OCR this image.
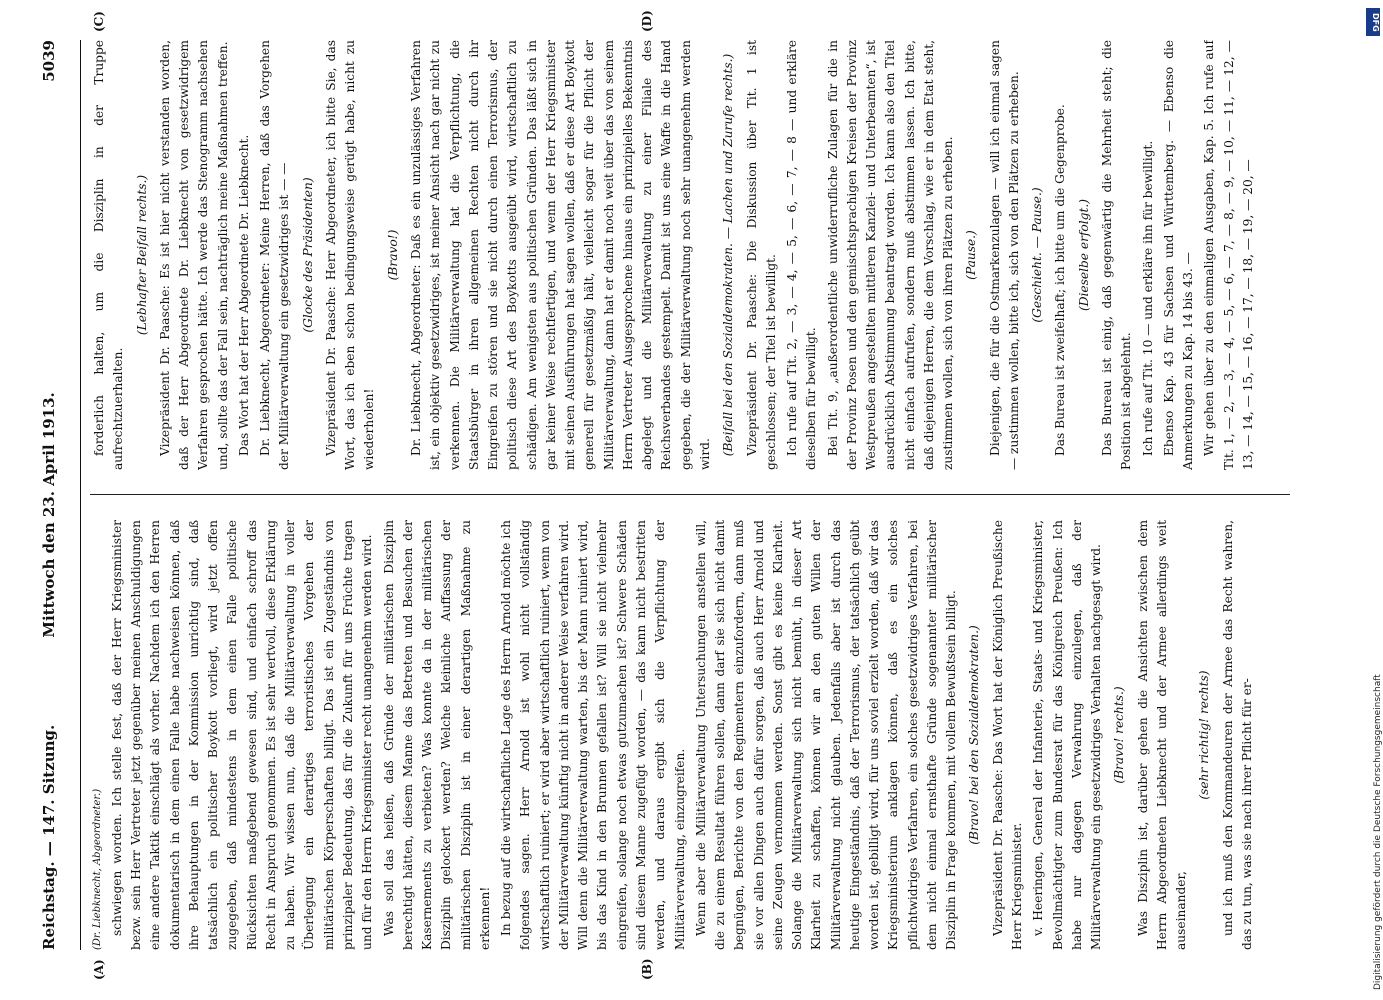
Reichstag. — 147. Sitzung.
Mittwoch den 23. April 1913.  5039
(A)	(B)
(C)	(D)

(Dr. Liebknecht, Abgeordneter.) schwiegen worden. Ich stelle fest, daß der Herr Kriegsminister bezw. sein Herr Vertreter jetzt gegenüber meinen Anschuldigungen eine andere Taktik einschlägt als vorher. Nachdem ich den Herren dokumentarisch in dem einen Falle habe nachweisen können, daß ihre Behauptungen in der Kommission unrichtig sind, daß tatsächlich ein politischer Boykott vorliegt, wird jetzt offen zugegeben, daß mindestens in dem einen Falle politische Rücksichten maßgebend gewesen sind, und einfach schroff das Recht in Anspruch genommen. Es ist sehr wertvoll, diese Erklärung zu haben. Wir wissen nun, daß die Militärverwaltung in voller Überlegung ein derartiges terroristisches Vorgehen der militärischen Körperschaften billigt. Das ist ein Zugeständnis von prinzipaler Bedeutung, das für die Zukunft für uns Früchte tragen und für den Herrn Kriegsminister recht unangenehm werden wird. Was soll das heißen, daß Gründe der militärischen Disziplin berechtigt hätten, diesem Manne das Betreten und Besuchen der Kasernements zu verbieten? Was konnte da in der militärischen Disziplin gelockert werden? Welche kleinliche Auffassung der militärischen Disziplin ist in einer derartigen Maßnahme zu erkennen! In bezug auf die wirtschaftliche Lage des Herrn Arnold möchte ich folgendes sagen. Herr Arnold ist wohl nicht vollständig wirtschaftlich ruiniert; er wird aber wirtschaftlich ruiniert, wenn von der Militärverwaltung künftig nicht in anderer Weise verfahren wird. Will denn die Militärverwaltung warten, bis der Mann ruiniert wird, bis das Kind in den Brunnen gefallen ist? Will sie nicht vielmehr eingreifen, solange noch etwas gutzumachen ist? Schwere Schäden sind diesem Manne zugefügt worden, — das kann nicht bestritten werden, und daraus ergibt sich die Verpflichtung der Militärverwaltung, einzugreifen. Wenn aber die Militärverwaltung Untersuchungen anstellen will, die zu einem Resultat führen sollen, dann darf sie sich nicht damit begnügen, Berichte von den Regimentern einzufordern, dann muß sie vor allen Dingen auch dafür sorgen, daß auch Herr Arnold und seine Zeugen vernommen werden. Sonst gibt es keine Klarheit. Solange die Militärverwaltung sich nicht bemüht, in dieser Art Klarheit zu schaffen, können wir an den guten Willen der Militärverwaltung nicht glauben. Jedenfalls aber ist durch das heutige Eingeständnis, daß der Terrorismus, der tatsächlich geübt worden ist, gebilligt wird, für uns soviel erzielt worden, daß wir das Kriegsministerium anklagen können, daß es ein solches pflichtwidriges Verfahren, ein solches gesetzwidriges Verfahren, bei dem nicht einmal ernsthafte Gründe sogenannter militärischer Disziplin in Frage kommen, mit vollem Bewußtsein billigt. (Bravo! bei den Sozialdemokraten.) Vizepräsident Dr. Paasche: Das Wort hat der Königlich Preußische Herr Kriegsminister. v. Heeringen, General der Infanterie, Staats- und Kriegsminister, Bevollmächtigter zum Bundesrat für das Königreich Preußen: Ich habe nur dagegen Verwahrung einzulegen, daß der Militärverwaltung ein gesetzwidriges Verhalten nachgesagt wird. (Bravo! rechts.) Was Disziplin ist, darüber gehen die Ansichten zwischen dem Herrn Abgeordneten Liebknecht und der Armee allerdings weit auseinander,

(sehr richtig! rechts) und ich muß den Kommandeuren der Armee das Recht wahren, das zu tun, was sie nach ihrer Pflicht für er-

forderlich halten, um die Disziplin in der Truppe aufrechtzuerhalten.

(Lebhafter Beifall rechts.) Vizepräsident Dr. Paasche: Es ist hier nicht verstanden worden, daß der Herr Abgeordnete Dr. Liebknecht von gesetzwidrigem Verfahren gesprochen hätte. Ich werde das Stenogramm nachsehen und, sollte das der Fall sein, nachträglich meine Maßnahmen treffen. Das Wort hat der Herr Abgeordnete Dr. Liebknecht. Dr. Liebknecht, Abgeordneter: Meine Herren, daß das Vorgehen der Militärverwaltung ein gesetzwidriges ist — — (Glocke des Präsidenten) Vizepräsident Dr. Paasche: Herr Abgeordneter, ich bitte Sie, das Wort, das ich eben schon bedingungsweise gerügt habe, nicht zu wiederholen!

(Bravo!) Dr. Liebknecht, Abgeordneter: Daß es ein unzulässiges Verfahren ist, ein objektiv gesetzwidriges, ist meiner Ansicht nach gar nicht zu verkennen. Die Militärverwaltung hat die Verpflichtung, die Staatsbürger in ihren allgemeinen Rechten nicht durch ihr Eingreifen zu stören und sie nicht durch einen Terrorismus, der politisch diese Art des Boykotts ausgeübt wird, wirtschaftlich zu schädigen. Am wenigsten aus politischen Gründen. Das läßt sich in gar keiner Weise rechtfertigen, und wenn der Herr Kriegsminister mit seinen Ausführungen hat sagen wollen, daß er diese Art Boykott generell für gesetzmäßig hält, vielleicht sogar für die Pflicht der Militärverwaltung, dann hat er damit noch weit über das von seinem Herrn Vertreter Ausgesprochene hinaus ein prinzipielles Bekenntnis abgelegt und die Militärverwaltung zu einer Filiale des Reichsverbandes gestempelt. Damit ist uns eine Waffe in die Hand gegeben, die der Militärverwaltung noch sehr unangenehm werden wird. (Beifall bei den Sozialdemokraten. — Lachen und Zurufe rechts.) Vizepräsident Dr. Paasche: Die Diskussion über Tit. 1 ist geschlossen; der Titel ist bewilligt. Ich rufe auf Tit. 2, — 3, — 4, — 5, — 6, — 7, — 8 — und erkläre dieselben für bewilligt. Bei Tit. 9, „außerordentliche unwiderrufliche Zulagen für die in der Provinz Posen und den gemischtsprachigen Kreisen der Provinz Westpreußen angestellten mittleren Kanzlei- und Unterbeamten“, ist ausdrücklich Abstimmung beantragt worden. Ich kann also den Titel nicht einfach aufrufen, sondern muß abstimmen lassen. Ich bitte, daß diejenigen Herren, die dem Vorschlag, wie er in dem Etat steht, zustimmen wollen, sich von ihren Plätzen zu erheben. (Pause.) Diejenigen, die für die Ostmarkenzulagen — will ich einmal sagen — zustimmen wollen, bitte ich, sich von den Plätzen zu erheben. (Geschieht. — Pause.) Das Bureau ist zweifelhaft; ich bitte um die Gegenprobe. (Dieselbe erfolgt.) Das Bureau ist einig, daß gegenwärtig die Mehrheit steht; die Position ist abgelehnt. Ich rufe auf Tit. 10 — und erkläre ihn für bewilligt. Ebenso Kap. 43 für Sachsen und Württemberg. — Ebenso die Anmerkungen zu Kap. 14 bis 43. — Wir gehen über zu den einmaligen Ausgaben, Kap. 5. Ich rufe auf Tit. 1, — 2, — 3, — 4, — 5, — 6, — 7, — 8, — 9, — 10, — 11, — 12, — 13, — 14, — 15, — 16, — 17, — 18, — 19, — 20, —

Digitalisierung gefördert durch die Deutsche Forschungsgemeinschaft
DFG
